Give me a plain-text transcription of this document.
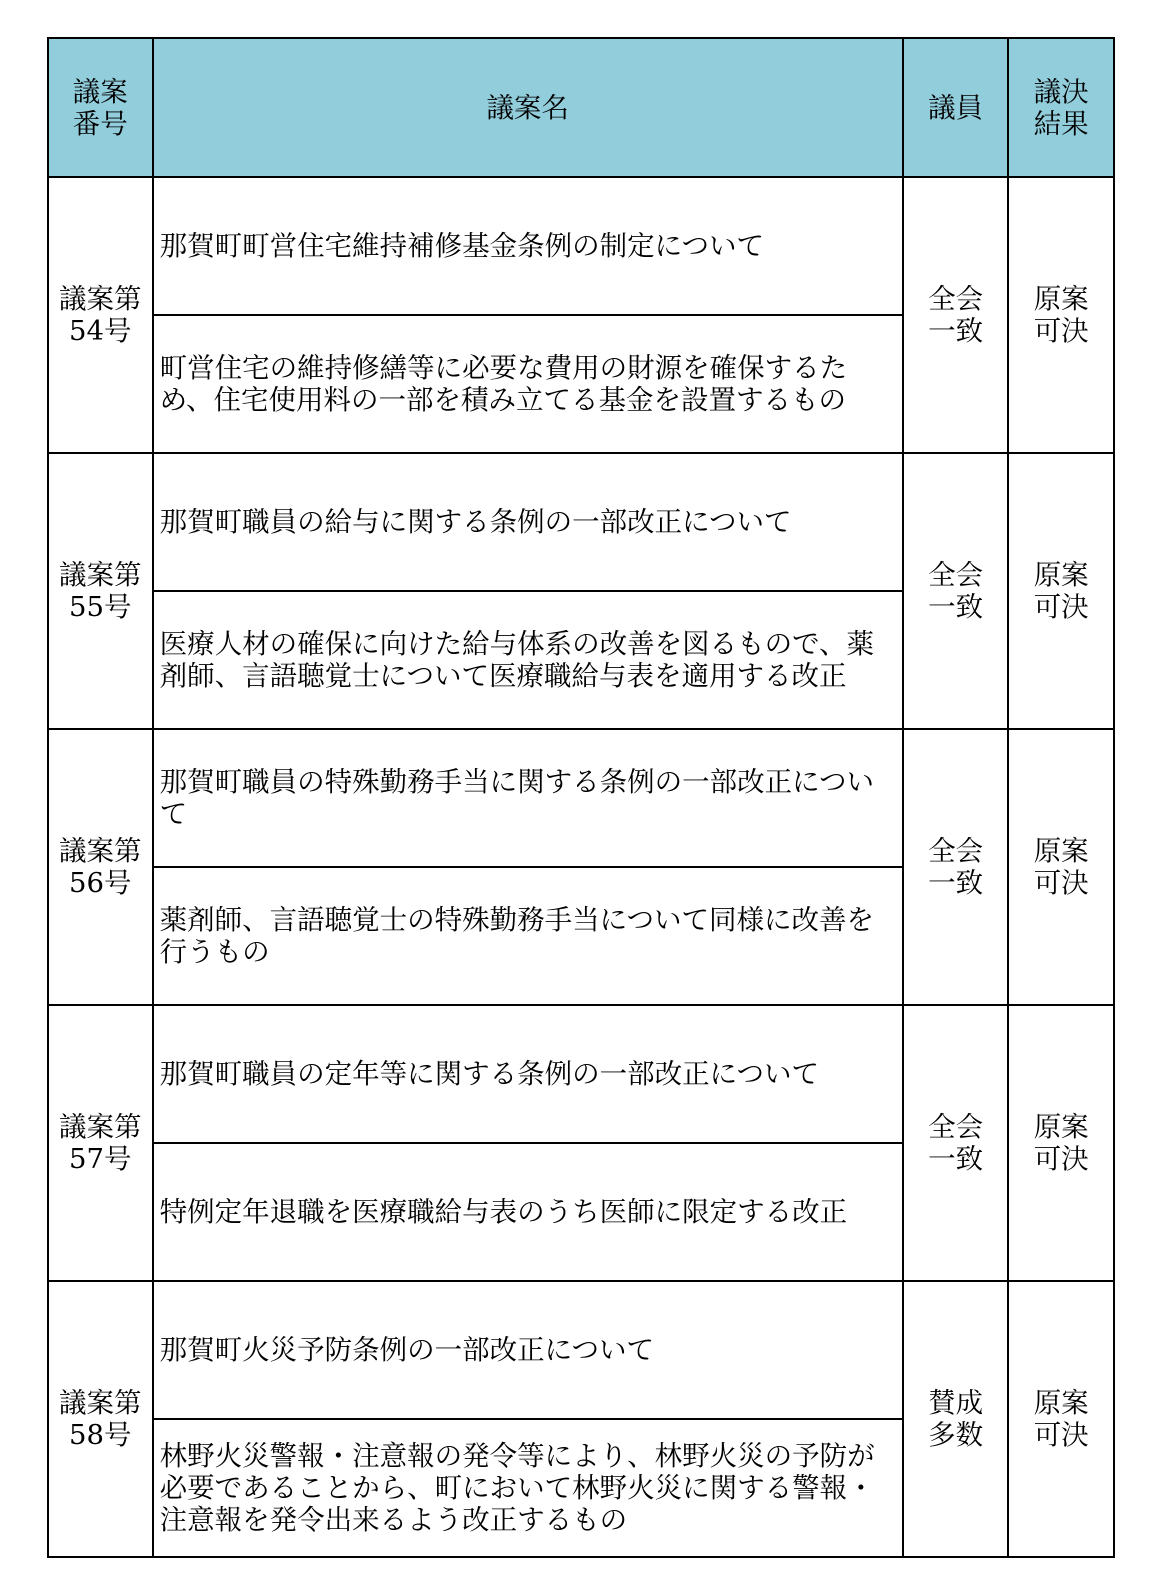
議案番号	議案名	議員	議決結果
議案第54号	那賀町町営住宅維持補修基金条例の制定について	全会一致	原案可決
	町営住宅の維持修繕等に必要な費用の財源を確保するため、住宅使用料の一部を積み立てる基金を設置するもの		
議案第55号	那賀町職員の給与に関する条例の一部改正について	全会一致	原案可決
	医療人材の確保に向けた給与体系の改善を図るもので、薬剤師、言語聴覚士について医療職給与表を適用する改正		
議案第56号	那賀町職員の特殊勤務手当に関する条例の一部改正について	全会一致	原案可決
	薬剤師、言語聴覚士の特殊勤務手当について同様に改善を行うもの		
議案第57号	那賀町職員の定年等に関する条例の一部改正について	全会一致	原案可決
	特例定年退職を医療職給与表のうち医師に限定する改正		
議案第58号	那賀町火災予防条例の一部改正について	賛成多数	原案可決
	林野火災警報・注意報の発令等により、林野火災の予防が必要であることから、町において林野火災に関する警報・注意報を発令出来るよう改正するもの		
